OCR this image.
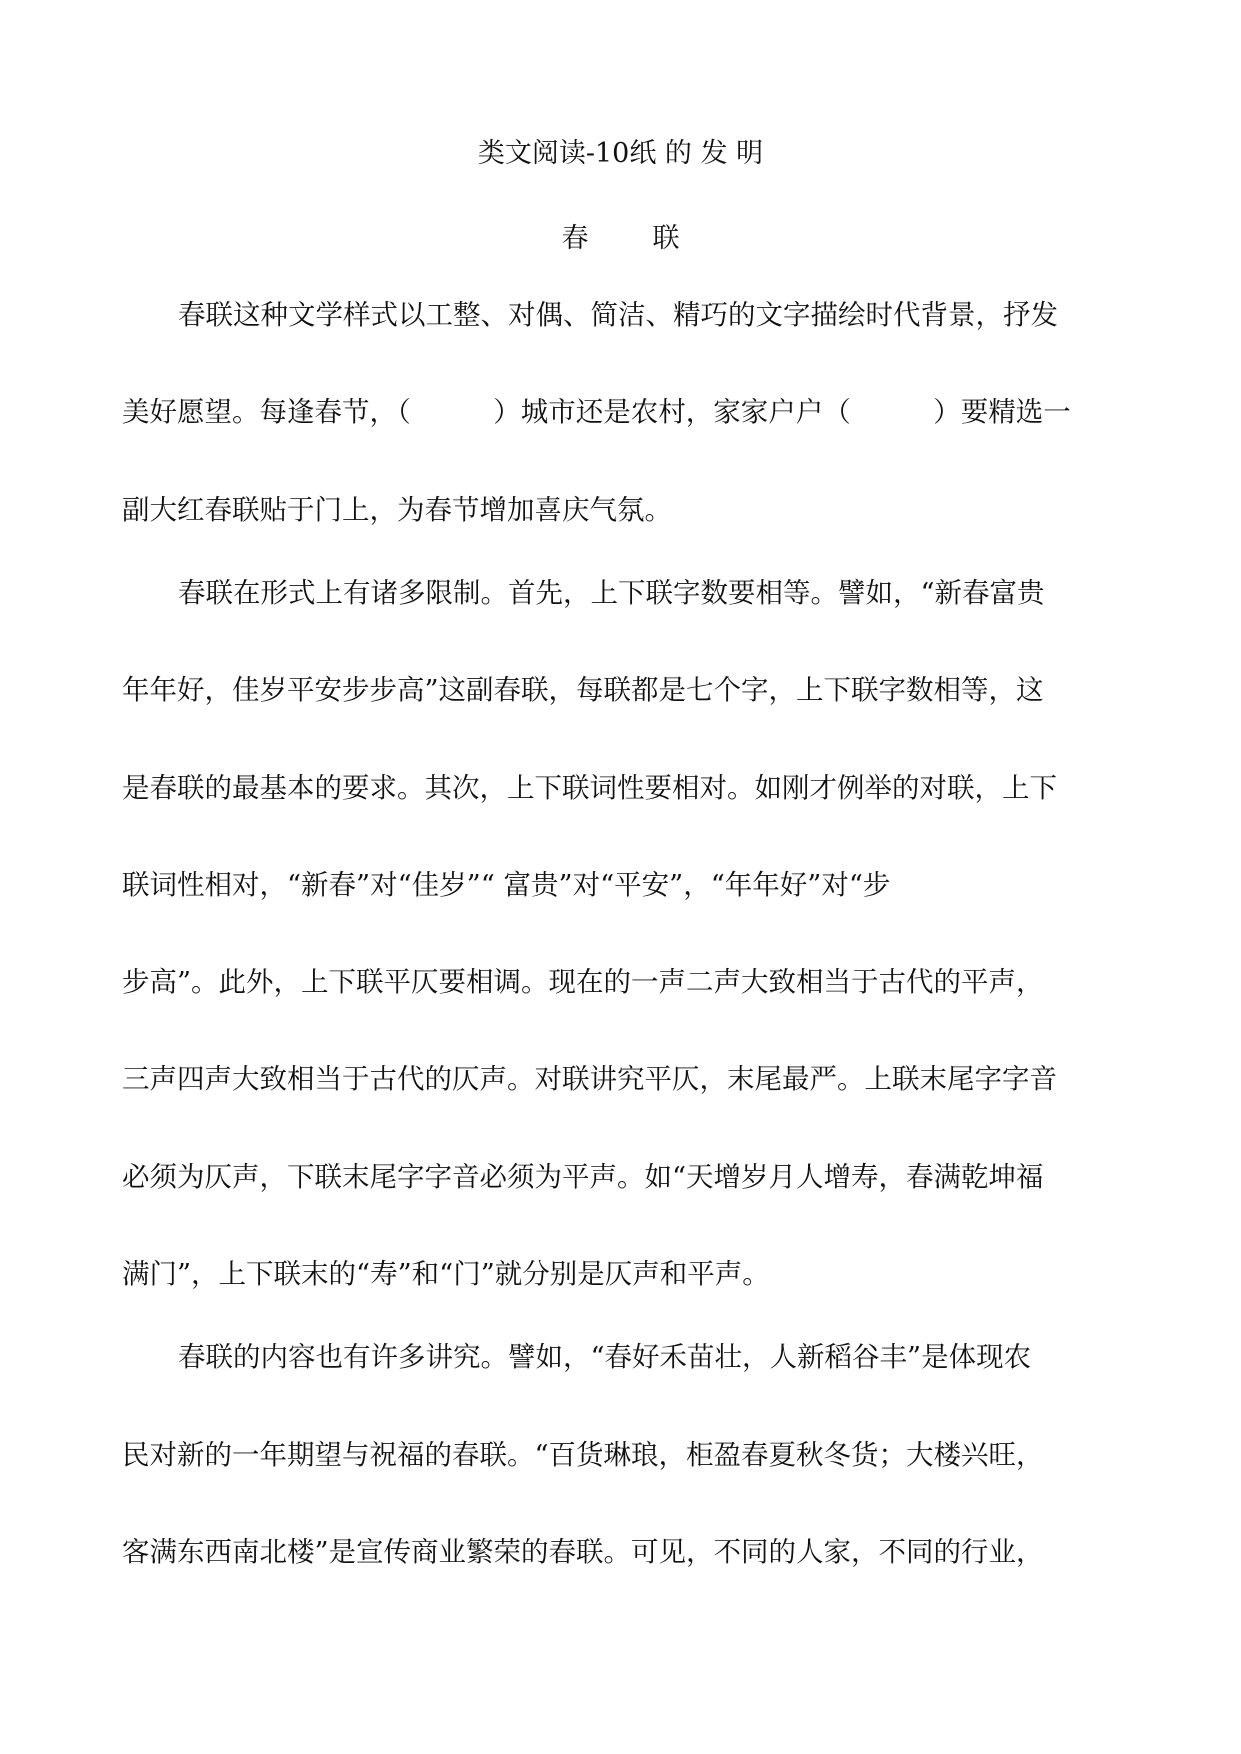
类文阅读-10纸 的 发 明
春 联
春联这种文学样式以工整、对偶、简洁、精巧的文字描绘时代背景，抒发
美好愿望。每逢春节，（　　　）城市还是农村，家家户户（　　　）要精选一
副大红春联贴于门上，为春节增加喜庆气氛。
春联在形式上有诸多限制。首先，上下联字数要相等。譬如，“新春富贵
年年好，佳岁平安步步高”这副春联，每联都是七个字，上下联字数相等，这
是春联的最基本的要求。其次，上下联词性要相对。如刚才例举的对联，上下
联词性相对，“新春”对“佳岁”“ 富贵”对“平安”，“年年好”对“步
步高”。此外，上下联平仄要相调。现在的一声二声大致相当于古代的平声，
三声四声大致相当于古代的仄声。对联讲究平仄，末尾最严。上联末尾字字音
必须为仄声，下联末尾字字音必须为平声。如“天增岁月人增寿，春满乾坤福
满门”，上下联末的“寿”和“门”就分别是仄声和平声。
春联的内容也有许多讲究。譬如，“春好禾苗壮，人新稻谷丰”是体现农
民对新的一年期望与祝福的春联。“百货琳琅，柜盈春夏秋冬货；大楼兴旺，
客满东西南北楼”是宣传商业繁荣的春联。可见，不同的人家，不同的行业，
